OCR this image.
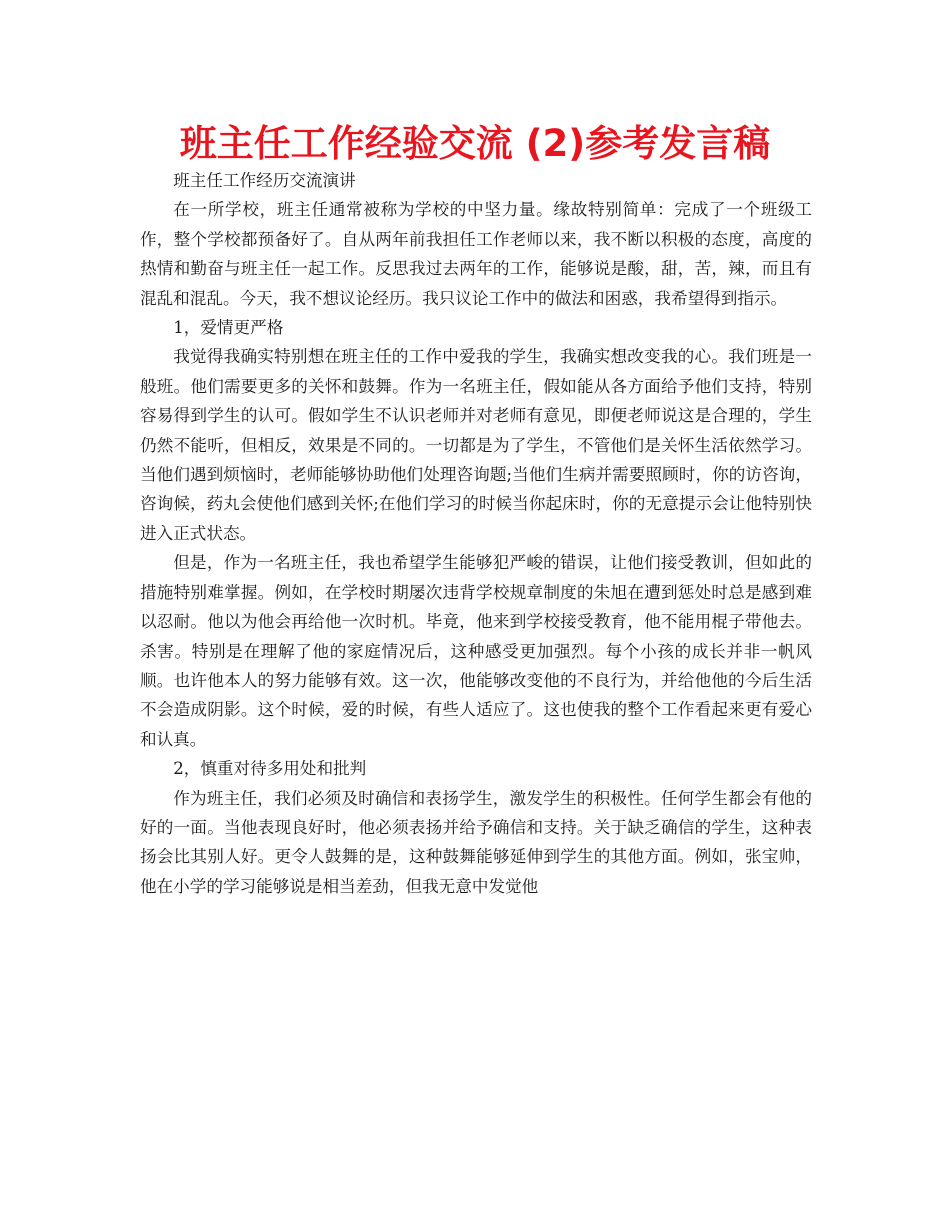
班主任工作经验交流 (2)参考发言稿

班主任工作经历交流演讲

在一所学校，班主任通常被称为学校的中坚力量。缘故特别简单：完成了一个班级工作，整个学校都预备好了。自从两年前我担任工作老师以来，我不断以积极的态度，高度的热情和勤奋与班主任一起工作。反思我过去两年的工作，能够说是酸，甜，苦，辣，而且有混乱和混乱。今天，我不想议论经历。我只议论工作中的做法和困惑，我希望得到指示。

1，爱情更严格

我觉得我确实特别想在班主任的工作中爱我的学生，我确实想改变我的心。我们班是一般班。他们需要更多的关怀和鼓舞。作为一名班主任，假如能从各方面给予他们支持，特别容易得到学生的认可。假如学生不认识老师并对老师有意见，即便老师说这是合理的，学生仍然不能听，但相反，效果是不同的。一切都是为了学生，不管他们是关怀生活依然学习。当他们遇到烦恼时，老师能够协助他们处理咨询题;当他们生病并需要照顾时，你的访咨询，咨询候，药丸会使他们感到关怀;在他们学习的时候当你起床时，你的无意提示会让他特别快进入正式状态。

但是，作为一名班主任，我也希望学生能够犯严峻的错误，让他们接受教训，但如此的措施特别难掌握。例如，在学校时期屡次违背学校规章制度的朱旭在遭到惩处时总是感到难以忍耐。他以为他会再给他一次时机。毕竟，他来到学校接受教育，他不能用棍子带他去。杀害。特别是在理解了他的家庭情况后，这种感受更加强烈。每个小孩的成长并非一帆风顺。也许他本人的努力能够有效。这一次，他能够改变他的不良行为，并给他他的今后生活不会造成阴影。这个时候，爱的时候，有些人适应了。这也使我的整个工作看起来更有爱心和认真。

2，慎重对待多用处和批判

作为班主任，我们必须及时确信和表扬学生，激发学生的积极性。任何学生都会有他的好的一面。当他表现良好时，他必须表扬并给予确信和支持。关于缺乏确信的学生，这种表扬会比其别人好。更令人鼓舞的是，这种鼓舞能够延伸到学生的其他方面。例如，张宝帅，他在小学的学习能够说是相当差劲，但我无意中发觉他
